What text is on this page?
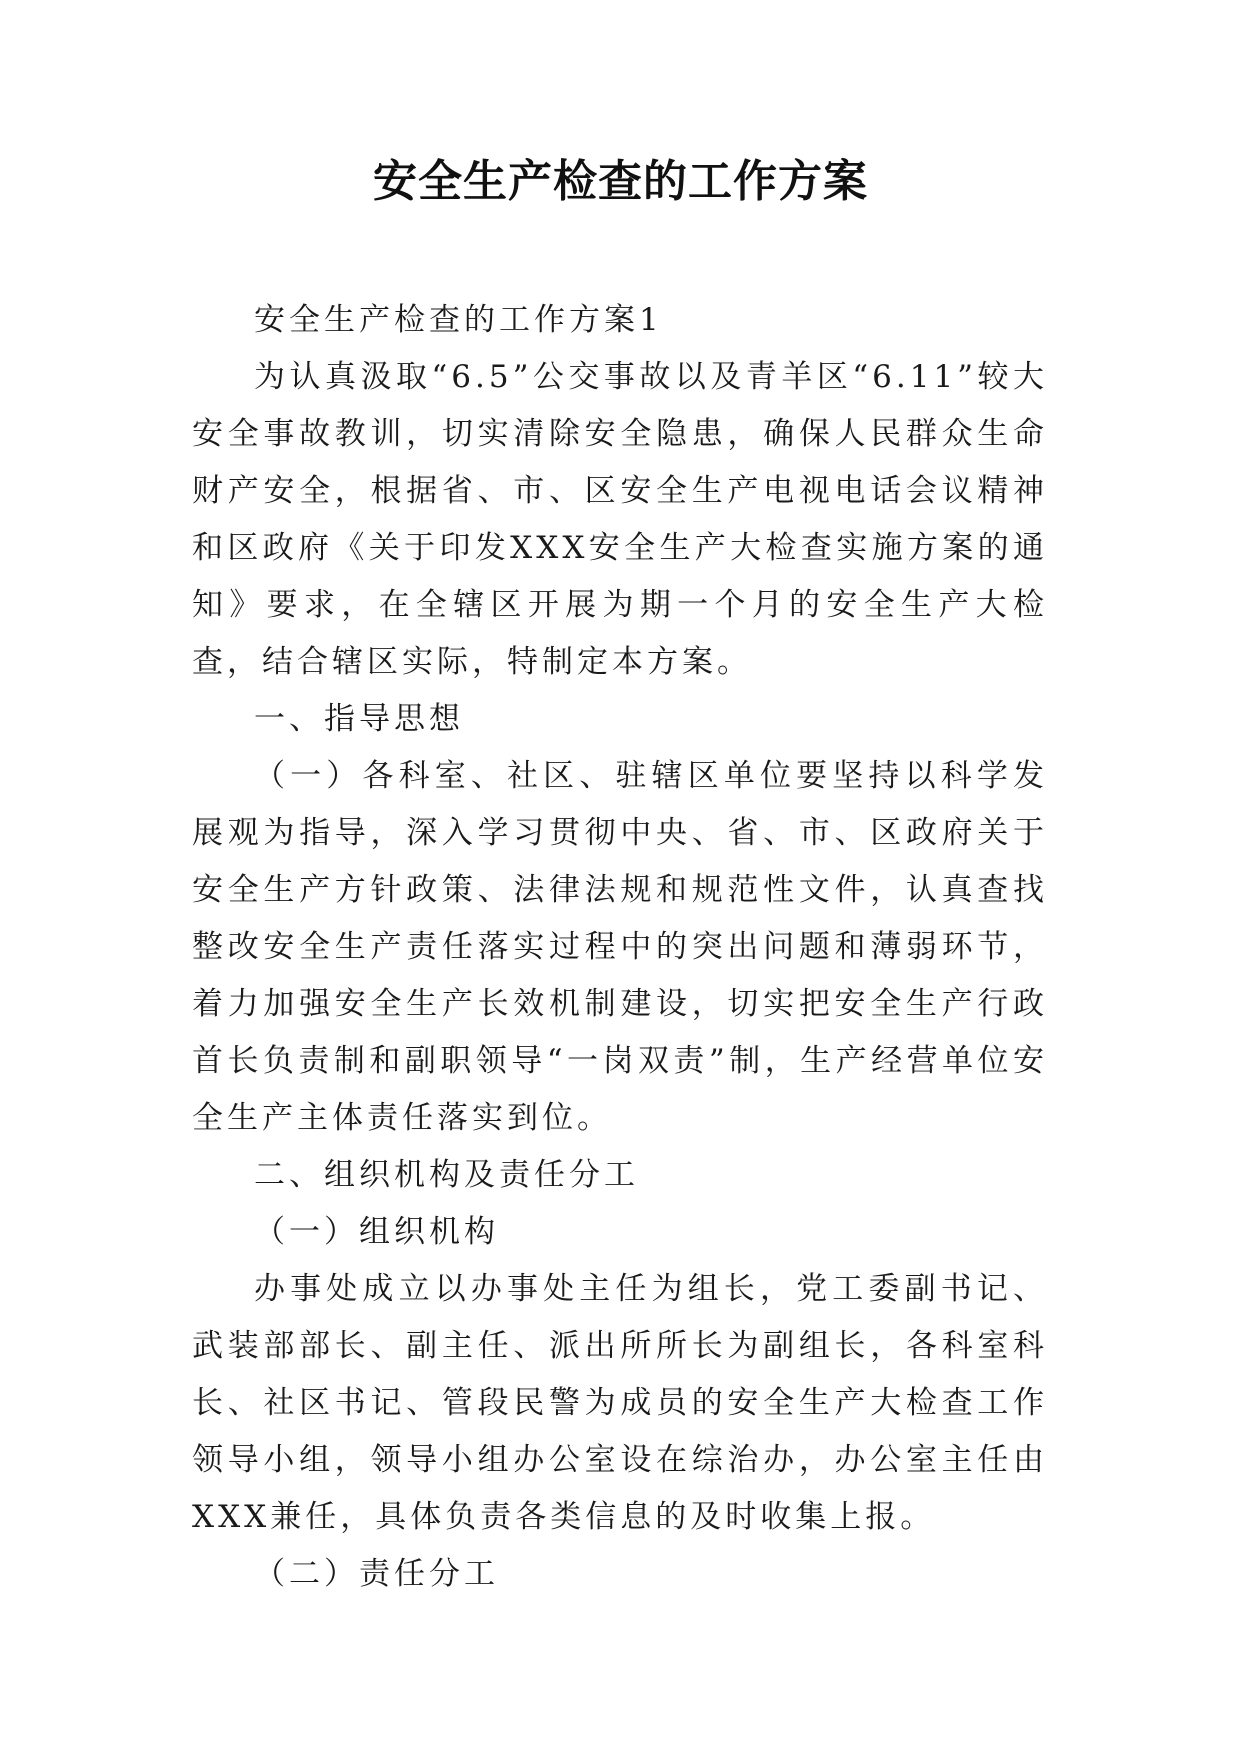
安全生产检查的工作方案

安全生产检查的工作方案1

为认真汲取“6.5”公交事故以及青羊区“6.11”较大安全事故教训，切实清除安全隐患，确保人民群众生命财产安全，根据省、市、区安全生产电视电话会议精神和区政府《关于印发XXX安全生产大检查实施方案的通知》要求，在全辖区开展为期一个月的安全生产大检查，结合辖区实际，特制定本方案。

一、指导思想

（一）各科室、社区、驻辖区单位要坚持以科学发展观为指导，深入学习贯彻中央、省、市、区政府关于安全生产方针政策、法律法规和规范性文件，认真查找整改安全生产责任落实过程中的突出问题和薄弱环节，着力加强安全生产长效机制建设，切实把安全生产行政首长负责制和副职领导“一岗双责”制，生产经营单位安全生产主体责任落实到位。

二、组织机构及责任分工

（一）组织机构

办事处成立以办事处主任为组长，党工委副书记、武装部部长、副主任、派出所所长为副组长，各科室科长、社区书记、管段民警为成员的安全生产大检查工作领导小组，领导小组办公室设在综治办，办公室主任由XXX兼任，具体负责各类信息的及时收集上报。

（二）责任分工
